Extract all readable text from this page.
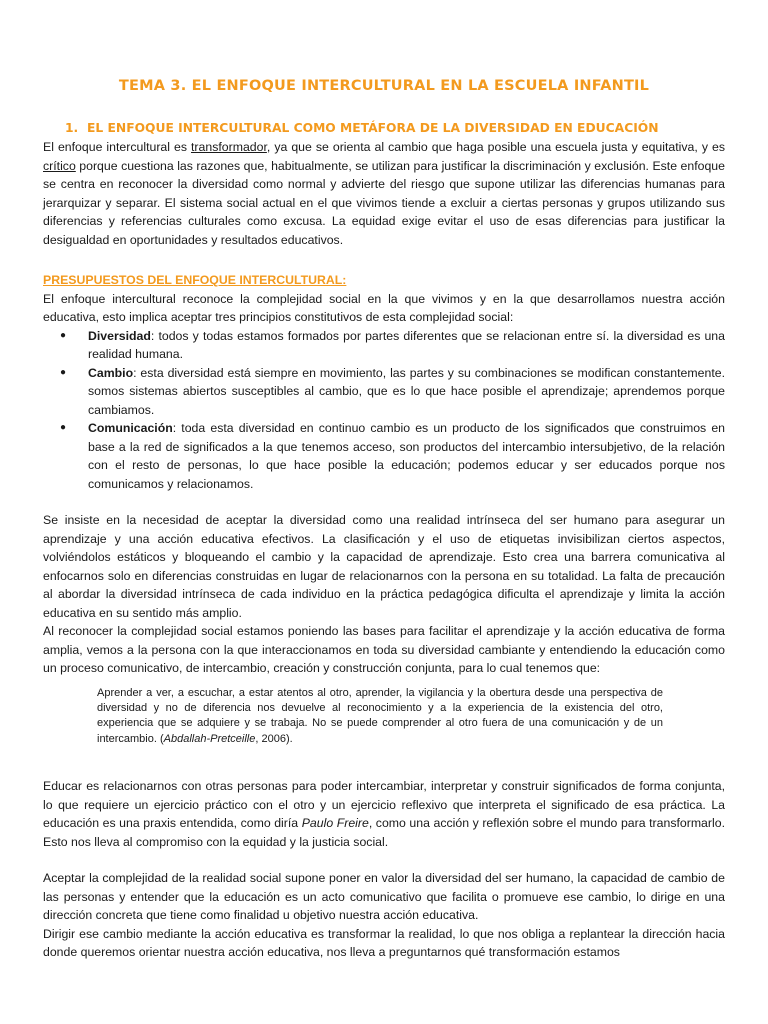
TEMA 3. EL ENFOQUE INTERCULTURAL EN LA ESCUELA INFANTIL
1. EL ENFOQUE INTERCULTURAL COMO METÁFORA DE LA DIVERSIDAD EN EDUCACIÓN

El enfoque intercultural es transformador, ya que se orienta al cambio que haga posible una escuela justa y equitativa, y es crítico porque cuestiona las razones que, habitualmente, se utilizan para justificar la discriminación y exclusión. Este enfoque se centra en reconocer la diversidad como normal y advierte del riesgo que supone utilizar las diferencias humanas para jerarquizar y separar. El sistema social actual en el que vivimos tiende a excluir a ciertas personas y grupos utilizando sus diferencias y referencias culturales como excusa. La equidad exige evitar el uso de esas diferencias para justificar la desigualdad en oportunidades y resultados educativos.

PRESUPUESTOS DEL ENFOQUE INTERCULTURAL:

El enfoque intercultural reconoce la complejidad social en la que vivimos y en la que desarrollamos nuestra acción educativa, esto implica aceptar tres principios constitutivos de esta complejidad social:

● Diversidad: todos y todas estamos formados por partes diferentes que se relacionan entre sí. la diversidad es una realidad humana.
● Cambio: esta diversidad está siempre en movimiento, las partes y su combinaciones se modifican constantemente. somos sistemas abiertos susceptibles al cambio, que es lo que hace posible el aprendizaje; aprendemos porque cambiamos.
● Comunicación: toda esta diversidad en continuo cambio es un producto de los significados que construimos en base a la red de significados a la que tenemos acceso, son productos del intercambio intersubjetivo, de la relación con el resto de personas, lo que hace posible la educación; podemos educar y ser educados porque nos comunicamos y relacionamos.

Se insiste en la necesidad de aceptar la diversidad como una realidad intrínseca del ser humano para asegurar un aprendizaje y una acción educativa efectivos. La clasificación y el uso de etiquetas invisibilizan ciertos aspectos, volviéndolos estáticos y bloqueando el cambio y la capacidad de aprendizaje. Esto crea una barrera comunicativa al enfocarnos solo en diferencias construidas en lugar de relacionarnos con la persona en su totalidad. La falta de precaución al abordar la diversidad intrínseca de cada individuo en la práctica pedagógica dificulta el aprendizaje y limita la acción educativa en su sentido más amplio.

Al reconocer la complejidad social estamos poniendo las bases para facilitar el aprendizaje y la acción educativa de forma amplia, vemos a la persona con la que interaccionamos en toda su diversidad cambiante y entendiendo la educación como un proceso comunicativo, de intercambio, creación y construcción conjunta, para lo cual tenemos que:

Aprender a ver, a escuchar, a estar atentos al otro, aprender, la vigilancia y la obertura desde una perspectiva de diversidad y no de diferencia nos devuelve al reconocimiento y a la experiencia de la existencia del otro, experiencia que se adquiere y se trabaja. No se puede comprender al otro fuera de una comunicación y de un intercambio. (Abdallah-Pretceille, 2006).

Educar es relacionarnos con otras personas para poder intercambiar, interpretar y construir significados de forma conjunta, lo que requiere un ejercicio práctico con el otro y un ejercicio reflexivo que interpreta el significado de esa práctica. La educación es una praxis entendida, como diría Paulo Freire, como una acción y reflexión sobre el mundo para transformarlo. Esto nos lleva al compromiso con la equidad y la justicia social.

Aceptar la complejidad de la realidad social supone poner en valor la diversidad del ser humano, la capacidad de cambio de las personas y entender que la educación es un acto comunicativo que facilita o promueve ese cambio, lo dirige en una dirección concreta que tiene como finalidad u objetivo nuestra acción educativa.

Dirigir ese cambio mediante la acción educativa es transformar la realidad, lo que nos obliga a replantear la dirección hacia donde queremos orientar nuestra acción educativa, nos lleva a preguntarnos qué transformación estamos
